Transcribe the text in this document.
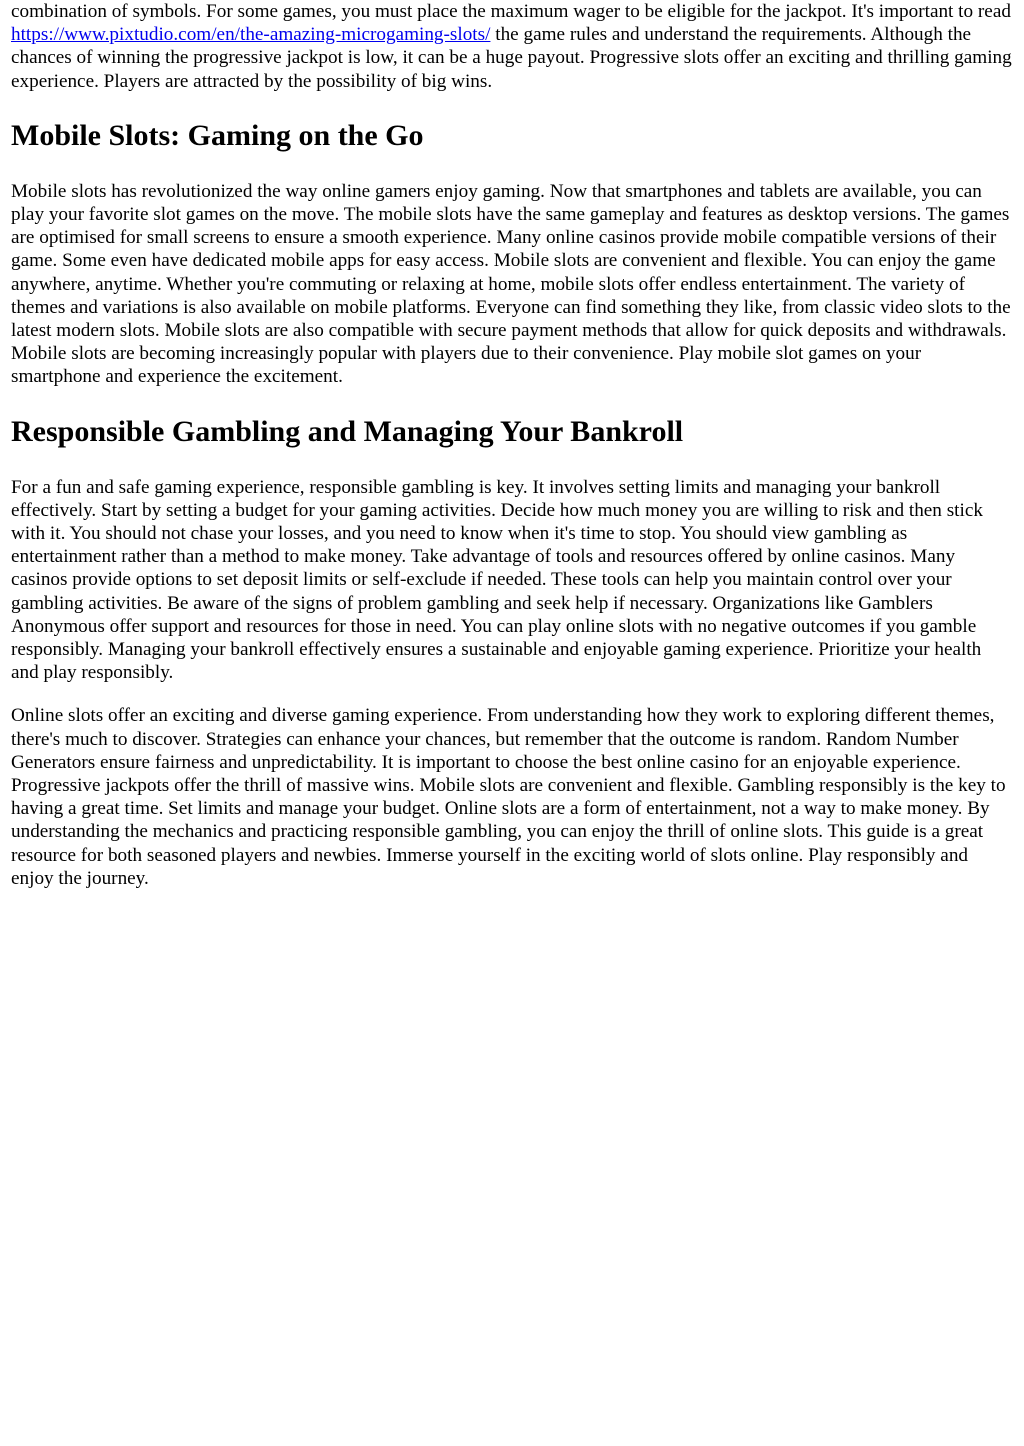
combination of symbols. For some games, you must place the maximum wager to be eligible for the jackpot. It's important to read https://www.pixtudio.com/en/the-amazing-microgaming-slots/ the game rules and understand the requirements. Although the chances of winning the progressive jackpot is low, it can be a huge payout. Progressive slots offer an exciting and thrilling gaming experience. Players are attracted by the possibility of big wins.

Mobile Slots: Gaming on the Go

Mobile slots has revolutionized the way online gamers enjoy gaming. Now that smartphones and tablets are available, you can play your favorite slot games on the move. The mobile slots have the same gameplay and features as desktop versions. The games are optimised for small screens to ensure a smooth experience. Many online casinos provide mobile compatible versions of their game. Some even have dedicated mobile apps for easy access. Mobile slots are convenient and flexible. You can enjoy the game anywhere, anytime. Whether you're commuting or relaxing at home, mobile slots offer endless entertainment. The variety of themes and variations is also available on mobile platforms. Everyone can find something they like, from classic video slots to the latest modern slots. Mobile slots are also compatible with secure payment methods that allow for quick deposits and withdrawals. Mobile slots are becoming increasingly popular with players due to their convenience. Play mobile slot games on your smartphone and experience the excitement.

Responsible Gambling and Managing Your Bankroll

For a fun and safe gaming experience, responsible gambling is key. It involves setting limits and managing your bankroll effectively. Start by setting a budget for your gaming activities. Decide how much money you are willing to risk and then stick with it. You should not chase your losses, and you need to know when it's time to stop. You should view gambling as entertainment rather than a method to make money. Take advantage of tools and resources offered by online casinos. Many casinos provide options to set deposit limits or self-exclude if needed. These tools can help you maintain control over your gambling activities. Be aware of the signs of problem gambling and seek help if necessary. Organizations like Gamblers Anonymous offer support and resources for those in need. You can play online slots with no negative outcomes if you gamble responsibly. Managing your bankroll effectively ensures a sustainable and enjoyable gaming experience. Prioritize your health and play responsibly.

Online slots offer an exciting and diverse gaming experience. From understanding how they work to exploring different themes, there's much to discover. Strategies can enhance your chances, but remember that the outcome is random. Random Number Generators ensure fairness and unpredictability. It is important to choose the best online casino for an enjoyable experience. Progressive jackpots offer the thrill of massive wins. Mobile slots are convenient and flexible. Gambling responsibly is the key to having a great time. Set limits and manage your budget. Online slots are a form of entertainment, not a way to make money. By understanding the mechanics and practicing responsible gambling, you can enjoy the thrill of online slots. This guide is a great resource for both seasoned players and newbies. Immerse yourself in the exciting world of slots online. Play responsibly and enjoy the journey.
